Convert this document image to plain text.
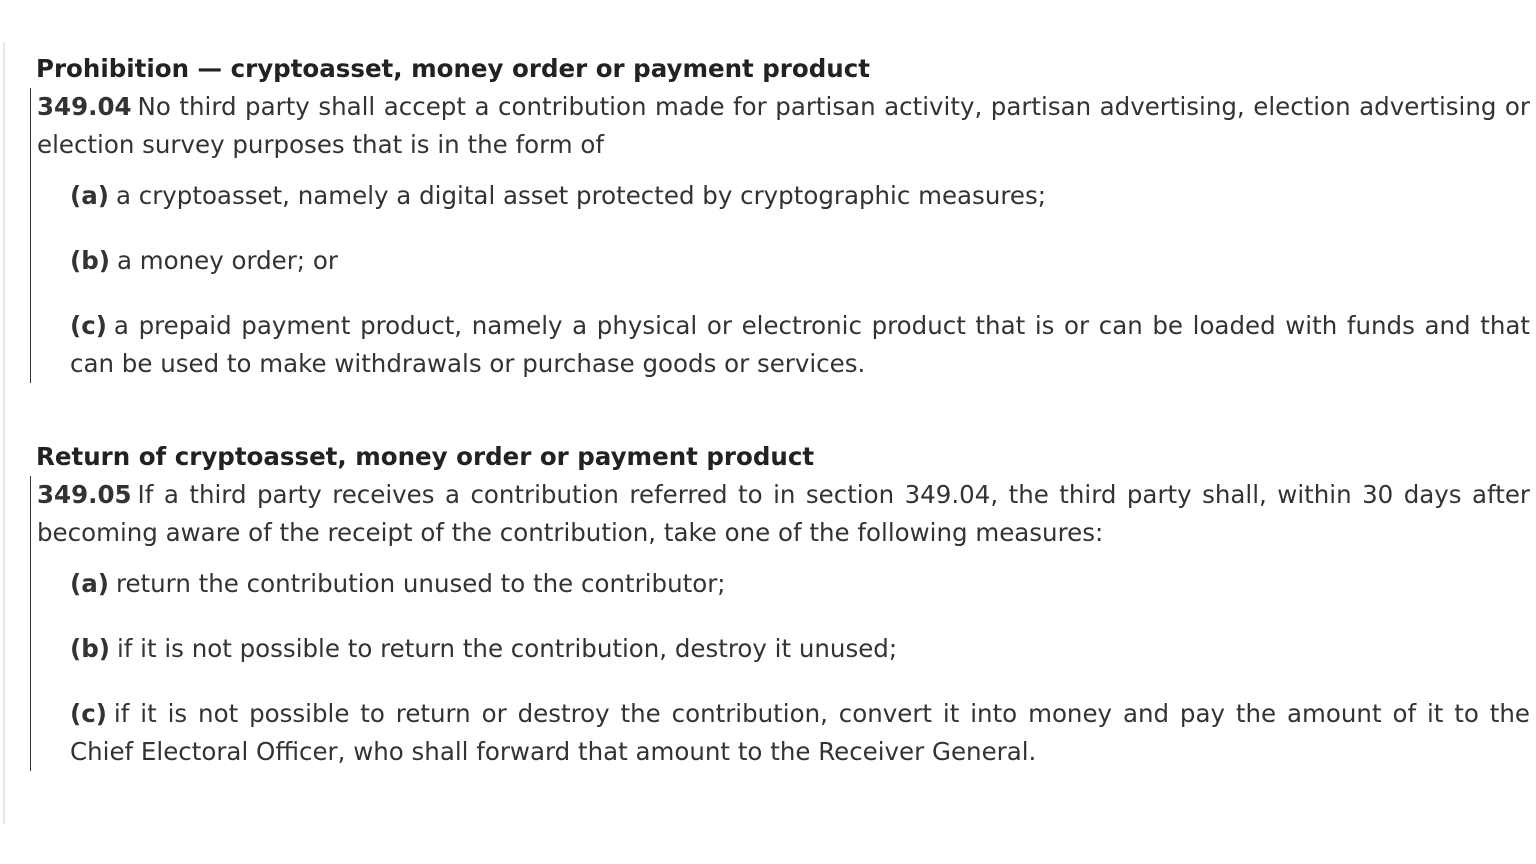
Prohibition — cryptoasset, money order or payment product

349.04 No third party shall accept a contribution made for partisan activity, partisan advertising, election advertising or election survey purposes that is in the form of

(a) a cryptoasset, namely a digital asset protected by cryptographic measures;

(b) a money order; or

(c) a prepaid payment product, namely a physical or electronic product that is or can be loaded with funds and that can be used to make withdrawals or purchase goods or services.

Return of cryptoasset, money order or payment product

349.05 If a third party receives a contribution referred to in section 349.04, the third party shall, within 30 days after becoming aware of the receipt of the contribution, take one of the following measures:

(a) return the contribution unused to the contributor;

(b) if it is not possible to return the contribution, destroy it unused;

(c) if it is not possible to return or destroy the contribution, convert it into money and pay the amount of it to the Chief Electoral Officer, who shall forward that amount to the Receiver General.
